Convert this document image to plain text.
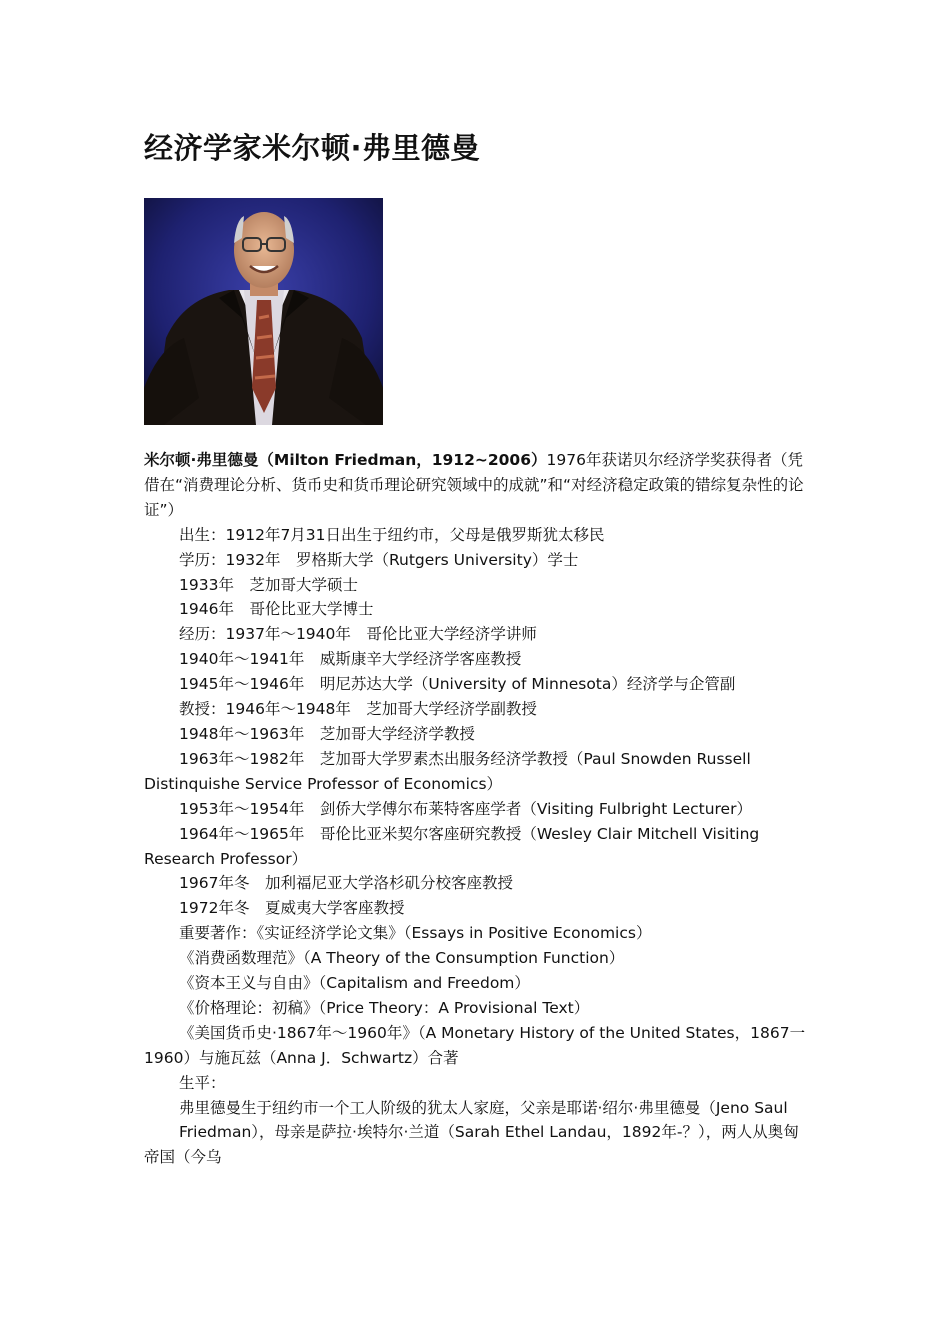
经济学家米尔顿·弗里德曼

米尔顿·弗里德曼（Milton Friedman，1912~2006）1976年获诺贝尔经济学奖获得者（凭借在“消费理论分析、货币史和货币理论研究领域中的成就”和“对经济稳定政策的错综复杂性的论证”）

出生：1912年7月31日出生于纽约市，父母是俄罗斯犹太移民

学历：1932年　罗格斯大学（Rutgers University）学士

1933年　芝加哥大学硕士

1946年　哥伦比亚大学博士

经历：1937年～1940年　哥伦比亚大学经济学讲师

1940年～1941年　威斯康辛大学经济学客座教授

1945年～1946年　明尼苏达大学（University of Minnesota）经济学与企管副

教授：1946年～1948年　芝加哥大学经济学副教授

1948年～1963年　芝加哥大学经济学教授

1963年～1982年　芝加哥大学罗素杰出服务经济学教授（Paul Snowden Russell Distinquishe Service Professor of Economics）

1953年～1954年　剑侨大学傅尔布莱特客座学者（Visiting Fulbright Lecturer）

1964年～1965年　哥伦比亚米契尔客座研究教授（Wesley Clair Mitchell Visiting Research Professor）

1967年冬　加利福尼亚大学洛杉矶分校客座教授

1972年冬　夏威夷大学客座教授

重要著作：《实证经济学论文集》（Essays in Positive Economics）

《消费函数理范》（A Theory of the Consumption Function）

《资本王义与自由》（Capitalism and Freedom）

《价格理论：初稿》（Price Theory：A Provisional Text）

《美国货币史·1867年～1960年》（A Monetary History of the United States，1867一1960）与施瓦兹（Anna J．Schwartz）合著

生平：

弗里德曼生于纽约市一个工人阶级的犹太人家庭，父亲是耶诺·绍尔·弗里德曼（Jeno Saul

Friedman），母亲是萨拉·埃特尔·兰道（Sarah Ethel Landau，1892年-？），两人从奥匈帝国（今乌
